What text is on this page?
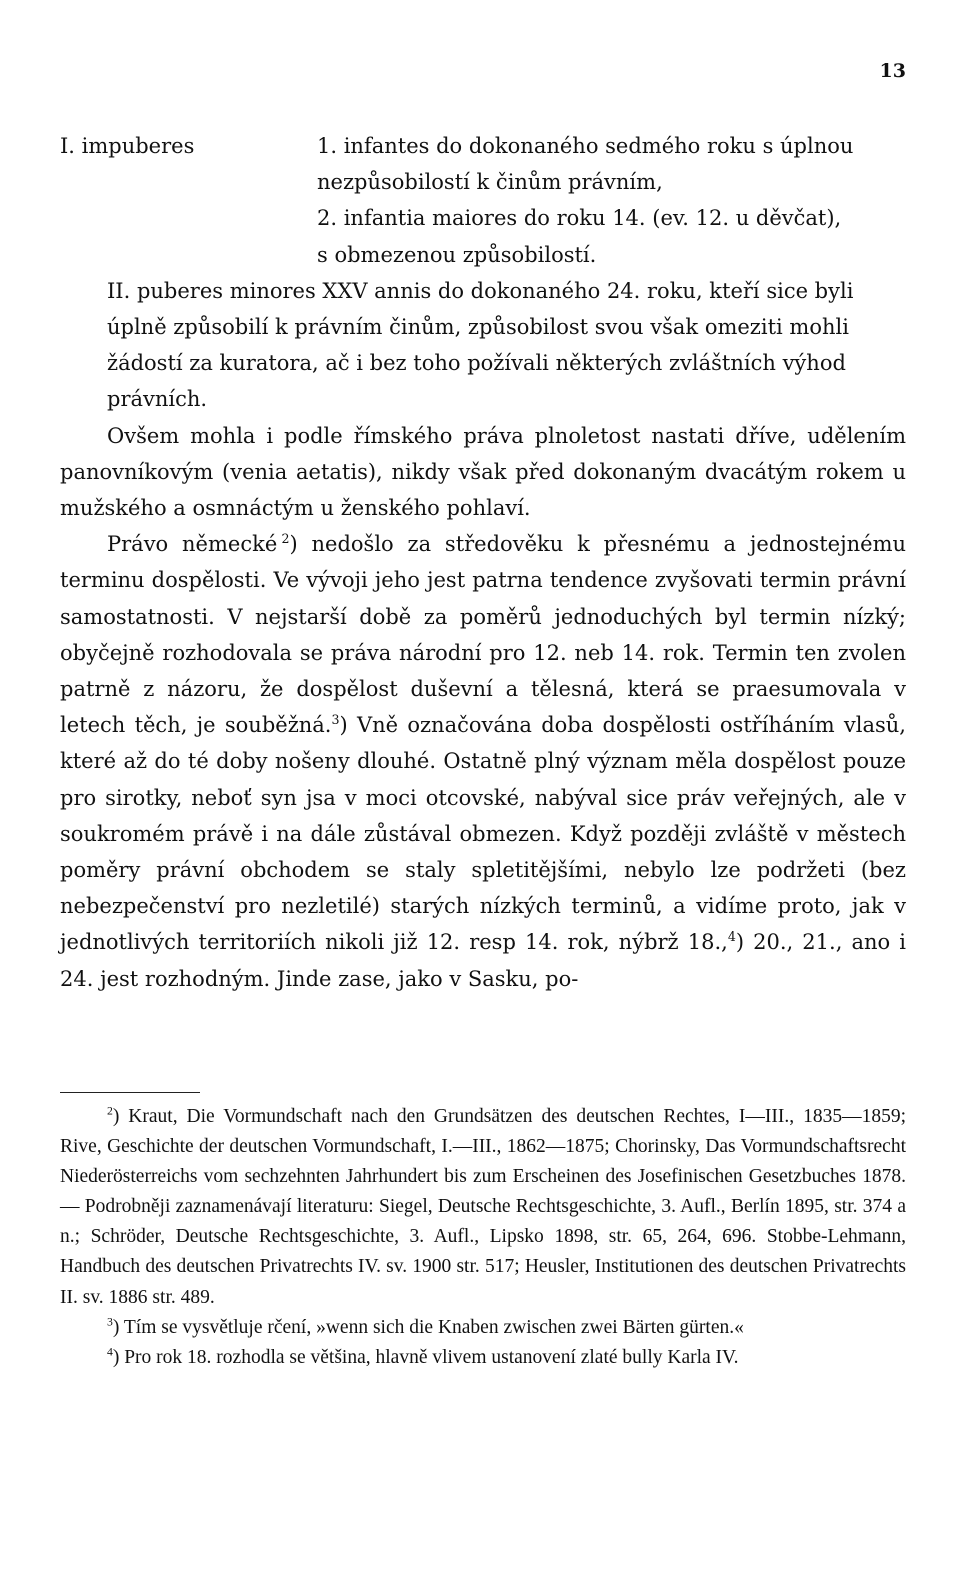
13
I. impuberes	1. infantes do dokonaného sedmého roku s úplnou

nezpůsobilostí k činům právním,

2. infantia maiores do roku 14. (ev. 12. u děvčat),

s obmezenou způsobilostí.

II. puberes minores XXV annis do dokonaného 24. roku, kteří sice byli úplně způsobilí k právním činům, způsobilost svou však omeziti mohli žádostí za kuratora, ač i bez toho požívali některých zvláštních výhod právních.

Ovšem mohla i podle římského práva plnoletost nastati dříve, udělením panovníkovým (venia aetatis), nikdy však před dokonaným dvacátým rokem u mužského a osmnáctým u ženského pohlaví.

Právo německé  $^2$) nedošlo za středověku k přesnému a jednostejnému terminu dospělosti. Ve vývoji jeho jest patrna tendence zvyšovati termin právní samostatnosti. V nejstarší době za poměrů jednoduchých byl termin nízký; obyčejně rozhodovala se práva národní pro 12. neb 14. rok. Termin ten zvolen patrně z názoru, že dospělost duševní a tělesná, která se praesumovala v letech těch, je souběžná.$^3$) Vně označována doba dospělosti ostříháním vlasů, které až do té doby nošeny dlouhé. Ostatně plný význam měla dospělost pouze pro sirotky, neboť syn jsa v moci otcovské, nabýval sice práv veřejných, ale v soukromém právě i na dále zůstával obmezen. Když později zvláště v městech poměry právní obchodem se staly spletitějšími, nebylo lze podržeti (bez nebezpečenství pro nezletilé) starých nízkých terminů, a vidíme proto, jak v jednotlivých territoriích nikoli již 12. resp 14. rok, nýbrž 18.,$^4$) 20., 21., ano i 24. jest rozhodným. Jinde zase, jako v Sasku, po-

$^2$) Kraut, Die Vormundschaft nach den Grundsätzen des deutschen Rechtes, I—III., 1835—1859; Rive, Geschichte der deutschen Vormundschaft, I.—III., 1862—1875; Chorinsky, Das Vormundschaftsrecht Niederösterreichs vom sechzehnten Jahrhundert bis zum Erscheinen des Josefinischen Gesetzbuches 1878. — Podrobněji zaznamenávají literaturu: Siegel, Deutsche Rechtsgeschichte, 3. Aufl., Berlín 1895, str. 374 a n.; Schröder, Deutsche Rechtsgeschichte, 3. Aufl., Lipsko 1898, str. 65, 264, 696. Stobbe-Lehmann, Handbuch des deutschen Privatrechts IV. sv. 1900 str. 517; Heusler, Institutionen des deutschen Privatrechts II. sv. 1886 str. 489.

$^3$) Tím se vysvětluje rčení, »wenn sich die Knaben zwischen zwei Bärten gürten.«

$^4$) Pro rok 18. rozhodla se většina, hlavně vlivem ustanovení zlaté bully Karla IV.
